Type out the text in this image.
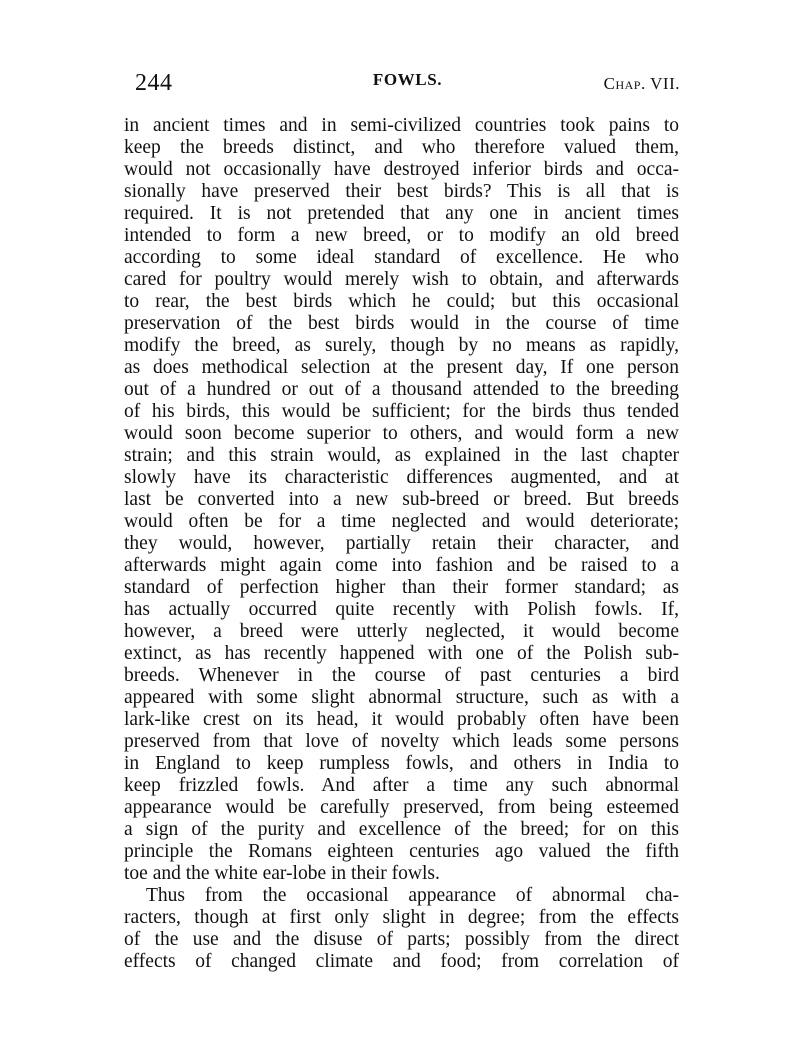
244	FOWLS.	Chap. VII.
in ancient times and in semi-civilized countries took pains to
keep the breeds distinct, and who therefore valued them,
would not occasionally have destroyed inferior birds and occa-
sionally have preserved their best birds? This is all that is
required. It is not pretended that any one in ancient times
intended to form a new breed, or to modify an old breed
according to some ideal standard of excellence. He who
cared for poultry would merely wish to obtain, and afterwards
to rear, the best birds which he could; but this occasional
preservation of the best birds would in the course of time
modify the breed, as surely, though by no means as rapidly,
as does methodical selection at the present day, If one person
out of a hundred or out of a thousand attended to the breeding
of his birds, this would be sufficient; for the birds thus tended
would soon become superior to others, and would form a new
strain; and this strain would, as explained in the last chapter
slowly have its characteristic differences augmented, and at
last be converted into a new sub-breed or breed. But breeds
would often be for a time neglected and would deteriorate;
they would, however, partially retain their character, and
afterwards might again come into fashion and be raised to a
standard of perfection higher than their former standard; as
has actually occurred quite recently with Polish fowls. If,
however, a breed were utterly neglected, it would become
extinct, as has recently happened with one of the Polish sub-
breeds. Whenever in the course of past centuries a bird
appeared with some slight abnormal structure, such as with a
lark-like crest on its head, it would probably often have been
preserved from that love of novelty which leads some persons
in England to keep rumpless fowls, and others in India to
keep frizzled fowls. And after a time any such abnormal
appearance would be carefully preserved, from being esteemed
a sign of the purity and excellence of the breed; for on this
principle the Romans eighteen centuries ago valued the fifth
toe and the white ear-lobe in their fowls.
Thus from the occasional appearance of abnormal cha-
racters, though at first only slight in degree; from the effects
of the use and the disuse of parts; possibly from the direct
effects of changed climate and food; from correlation of
